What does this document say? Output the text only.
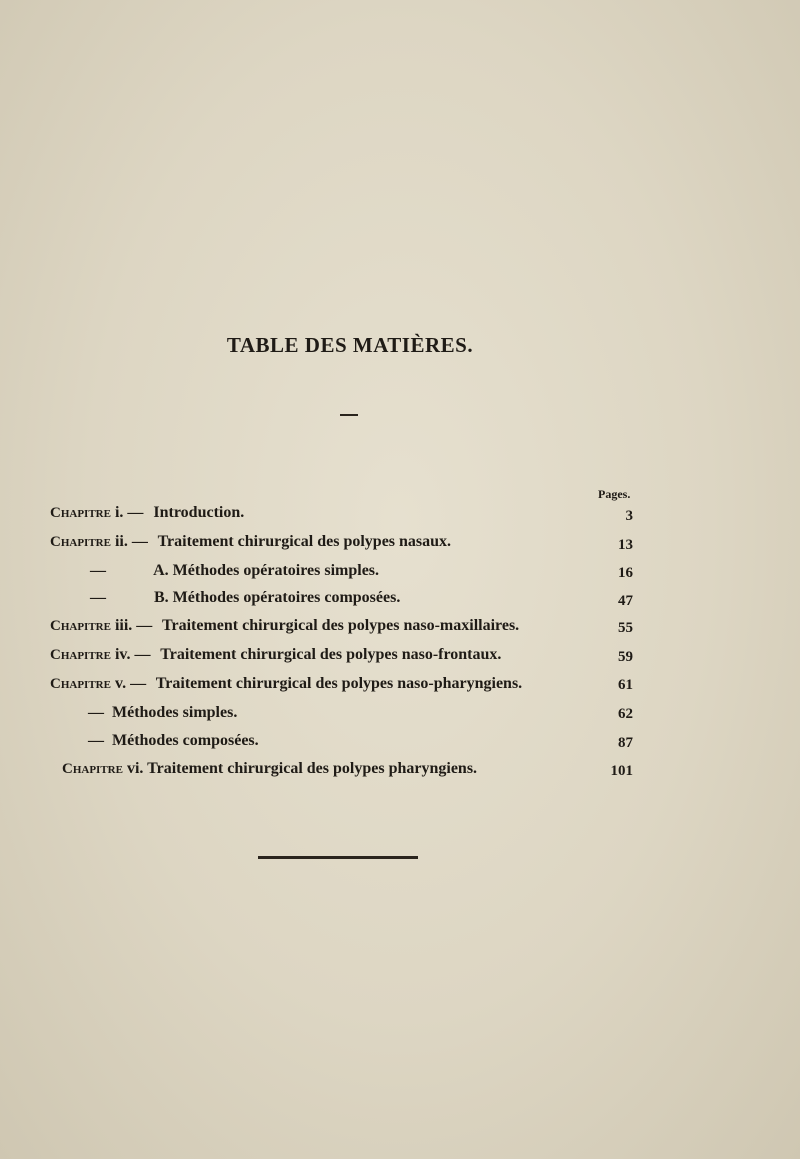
TABLE DES MATIÈRES.
Pages.
Chapitre i. — Introduction.	3
Chapitre ii. — Traitement chirurgical des polypes nasaux.	13
—	A. Méthodes opératoires simples.	16
—	B. Méthodes opératoires composées.	47
Chapitre iii. — Traitement chirurgical des polypes naso-maxillaires.	55
Chapitre iv. — Traitement chirurgical des polypes naso-frontaux.	59
Chapitre v. — Traitement chirurgical des polypes naso-pharyngiens.	61
— Méthodes simples.	62
— Méthodes composées.	87
Chapitre vi. Traitement chirurgical des polypes pharyngiens.	101
